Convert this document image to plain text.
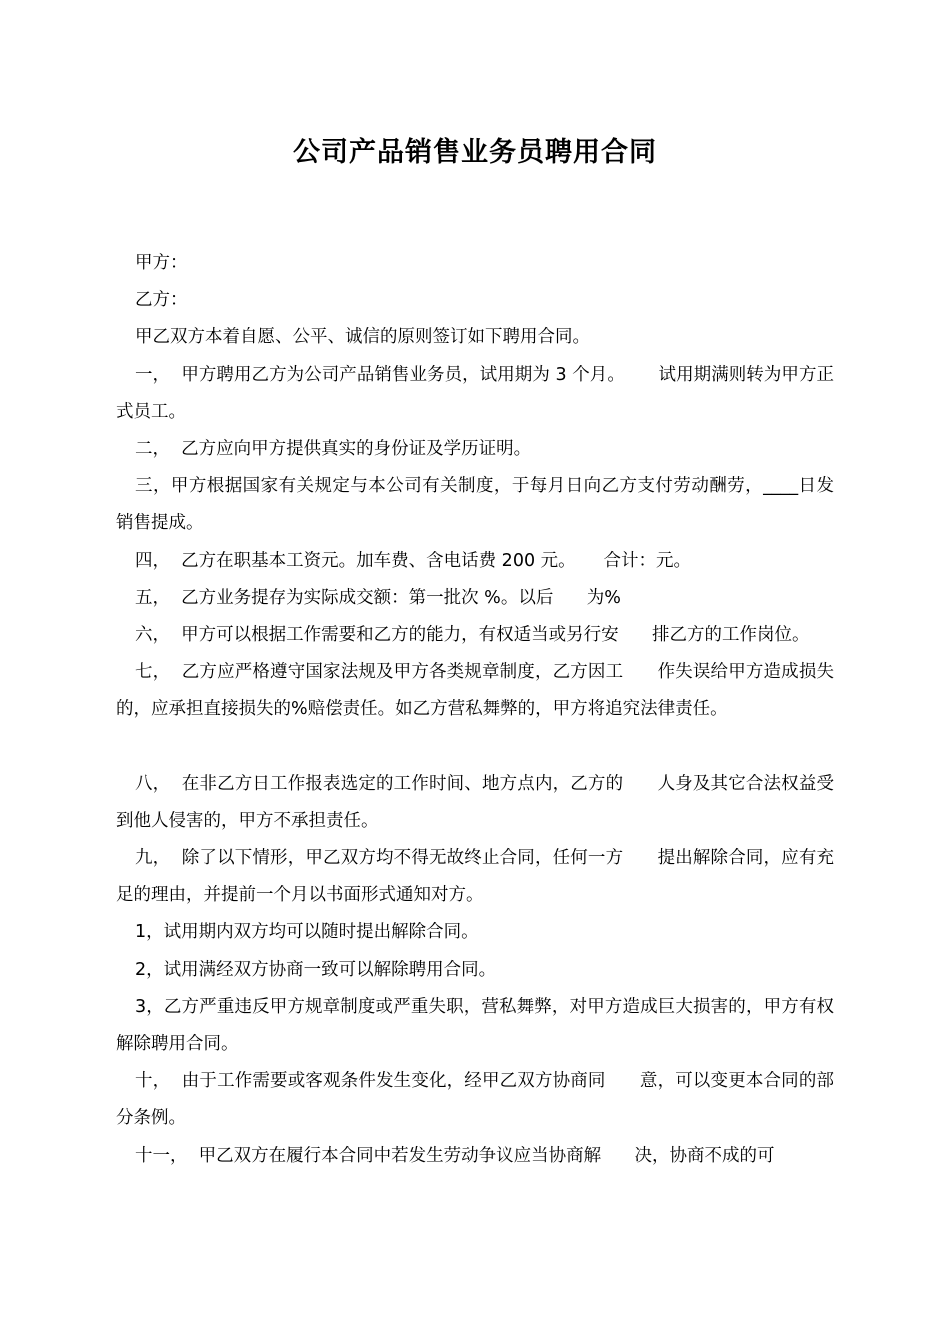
公司产品销售业务员聘用合同

甲方：

乙方：

甲乙双方本着自愿、公平、诚信的原则签订如下聘用合同。

一，  甲方聘用乙方为公司产品销售业务员，试用期为 3 个月。      试用期满则转为甲方正式员工。

二，  乙方应向甲方提供真实的身份证及学历证明。

三，甲方根据国家有关规定与本公司有关制度，于每月日向乙方支付劳动酬劳，____日发销售提成。

四，  乙方在职基本工资元。加车费、含电话费 200 元。     合计：元。

五，  乙方业务提存为实际成交额：第一批次 %。以后      为%

六，  甲方可以根据工作需要和乙方的能力，有权适当或另行安      排乙方的工作岗位。

七，  乙方应严格遵守国家法规及甲方各类规章制度，乙方因工      作失误给甲方造成损失的，应承担直接损失的%赔偿责任。如乙方营私舞弊的，甲方将追究法律责任。

八，  在非乙方日工作报表选定的工作时间、地方点内，乙方的      人身及其它合法权益受到他人侵害的，甲方不承担责任。

九，  除了以下情形，甲乙双方均不得无故终止合同，任何一方      提出解除合同，应有充足的理由，并提前一个月以书面形式通知对方。

1，试用期内双方均可以随时提出解除合同。

2，试用满经双方协商一致可以解除聘用合同。

3，乙方严重违反甲方规章制度或严重失职，营私舞弊，对甲方造成巨大损害的，甲方有权解除聘用合同。

十，  由于工作需要或客观条件发生变化，经甲乙双方协商同      意，可以变更本合同的部分条例。

十一，  甲乙双方在履行本合同中若发生劳动争议应当协商解      决，协商不成的可
